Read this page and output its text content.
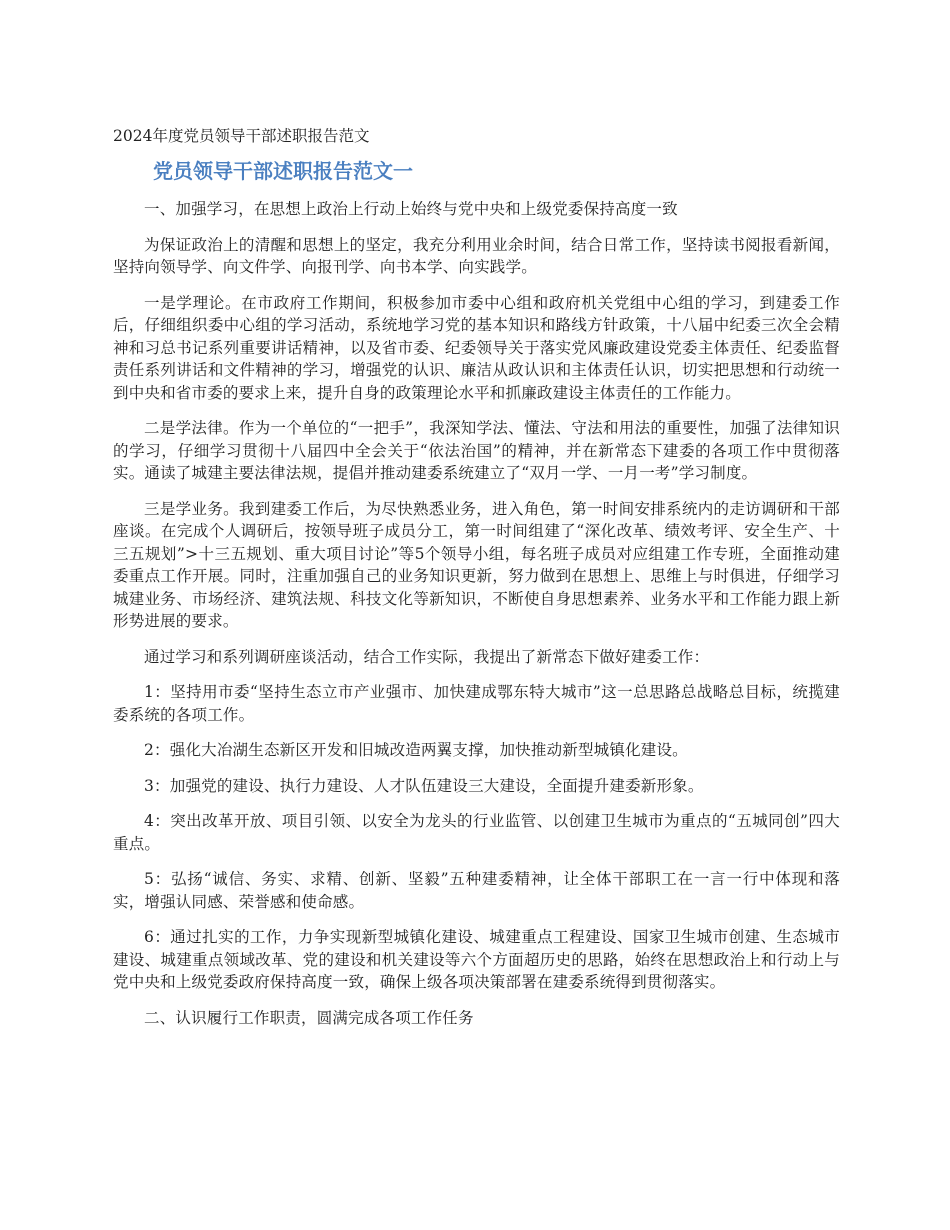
2024年度党员领导干部述职报告范文
党员领导干部述职报告范文一

一、加强学习，在思想上政治上行动上始终与党中央和上级党委保持高度一致

为保证政治上的清醒和思想上的坚定，我充分利用业余时间，结合日常工作，坚持读书阅报看新闻，坚持向领导学、向文件学、向报刊学、向书本学、向实践学。

一是学理论。在市政府工作期间，积极参加市委中心组和政府机关党组中心组的学习，到建委工作后，仔细组织委中心组的学习活动，系统地学习党的基本知识和路线方针政策，十八届中纪委三次全会精神和习总书记系列重要讲话精神，以及省市委、纪委领导关于落实党风廉政建设党委主体责任、纪委监督责任系列讲话和文件精神的学习，增强党的认识、廉洁从政认识和主体责任认识，切实把思想和行动统一到中央和省市委的要求上来，提升自身的政策理论水平和抓廉政建设主体责任的工作能力。

二是学法律。作为一个单位的“一把手”，我深知学法、懂法、守法和用法的重要性，加强了法律知识的学习，仔细学习贯彻十八届四中全会关于“依法治国”的精神，并在新常态下建委的各项工作中贯彻落实。通读了城建主要法律法规，提倡并推动建委系统建立了“双月一学、一月一考”学习制度。

三是学业务。我到建委工作后，为尽快熟悉业务，进入角色，第一时间安排系统内的走访调研和干部座谈。在完成个人调研后，按领导班子成员分工，第一时间组建了“深化改革、绩效考评、安全生产、十三五规划”>十三五规划、重大项目讨论”等5个领导小组，每名班子成员对应组建工作专班，全面推动建委重点工作开展。同时，注重加强自己的业务知识更新，努力做到在思想上、思维上与时俱进，仔细学习城建业务、市场经济、建筑法规、科技文化等新知识，不断使自身思想素养、业务水平和工作能力跟上新形势进展的要求。

通过学习和系列调研座谈活动，结合工作实际，我提出了新常态下做好建委工作：

1：坚持用市委“坚持生态立市产业强市、加快建成鄂东特大城市”这一总思路总战略总目标，统揽建委系统的各项工作。

2：强化大冶湖生态新区开发和旧城改造两翼支撑，加快推动新型城镇化建设。

3：加强党的建设、执行力建设、人才队伍建设三大建设，全面提升建委新形象。

4：突出改革开放、项目引领、以安全为龙头的行业监管、以创建卫生城市为重点的“五城同创”四大重点。

5：弘扬“诚信、务实、求精、创新、坚毅”五种建委精神，让全体干部职工在一言一行中体现和落实，增强认同感、荣誉感和使命感。

6：通过扎实的工作，力争实现新型城镇化建设、城建重点工程建设、国家卫生城市创建、生态城市建设、城建重点领域改革、党的建设和机关建设等六个方面超历史的思路，始终在思想政治上和行动上与党中央和上级党委政府保持高度一致，确保上级各项决策部署在建委系统得到贯彻落实。

二、认识履行工作职责，圆满完成各项工作任务
